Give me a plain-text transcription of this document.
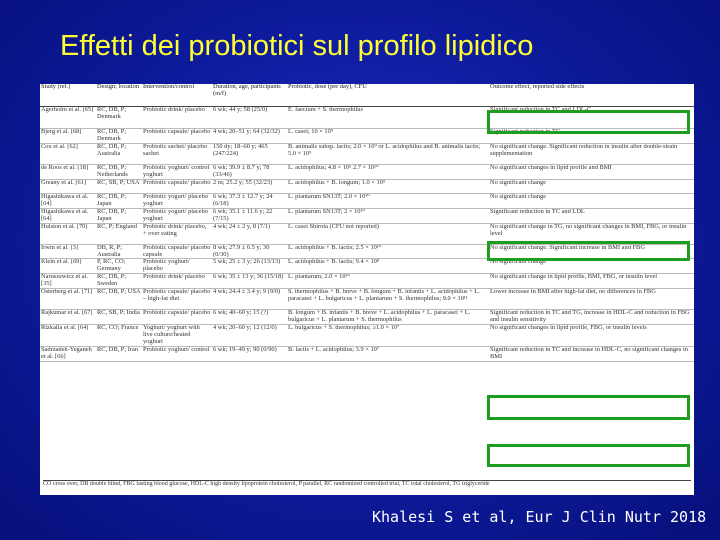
Effetti dei probiotici sul profilo lipidico
Study [ref.]	Design; location	Intervention/control	Duration, age, participants (m/f)	Probiotic, dose (per day), CFU	Outcome effect, reported side effects
Agerholm et al. [65]	RC, DB, P; Denmark	Probiotic drink/ placebo	6 wk; 44 y; 58 (25/0)	E. faecium + S. thermophilus	Significant reduction in TC and LDL-C
Bjerg et al. [68]	RC, DB, P; Denmark	Probiotic capsule/ placebo	4 wk; 20–51 y; 64 (32/32)	L. casei; 10 × 10⁹	Significant reduction in TG
Cox et al. [62]	RC, DB, P; Australia	Probiotic sachet/ placebo sachet	150 dy; 18–60 y; 465 (247/224)	B. animalis subsp. lactis; 2.0 × 10⁹ or L. acidophilus and B. animalis lactis; 5.0 × 10⁹	No significant change. Significant reduction in insulin after double-strain supplementation
de Roos et al. [18]	RC, DB, P; Netherlands	Probiotic yoghurt/ control yoghurt	6 wk; 39.9 ± 8.7 y; 78 (33/46)	L. acidophilus; 4.8 × 10⁶ 2.7 × 10¹⁰	No significant changes in lipid profile and BMI
Greany et al. [61]	RC, SB, P; USA	Probiotic capsule/ placebo	2 m; 25.2 y; 55 (32/23)	L. acidophilus + B. longum; 1.0 × 10⁹	No significant change
Higashikawa et al. [64]	RC, DB, P; Japan	Probiotic yogurt/ placebo yoghurt	6 wk; 37.3 ± 12.7 y; 24 (6/18)	L. plantarum SN13T; 2.0 × 10¹⁰	No significant change
Higashikawa et al. [64]	RC, DB, P; Japan	Probiotic yogurt/ placebo yoghurt	6 wk; 35.1 ± 11.6 y; 22 (7/15)	L. plantarum SN13T; 2 × 10¹⁰	Significant reduction in TC and LDL
Hulston et al. [70]	RC, P; England	Probiotic drink/ placebo, + over eating	4 wk; 24 ± 2 y, 8 (7/1)	L. casei Shirota (CFU not reported)	No significant change in TG, no significant changes in BMI, FBG, or insulin level
Irwin et al. [3]	DB, R, P; Australia	Probiotic capsule/ placebo capsule	8 wk; 27.9 ± 6.5 y; 30 (0/30)	L. acidophilus + B. lactis; 2.5 × 10¹⁰	No significant change. Significant increase in BMI and FBG
Klein et al. [69]	P, RC, CO; Germany	Probiotic yoghurt/ placebo	5 wk; 25 ± 3 y; 26 (13/13)	L. acidophilus + B. lactis; 9.4 × 10⁸	No significant change
Naruszewicz et al. [35]	RC, DB, P; Sweden	Probiotic drink/ placebo	6 wk; 35 ± 13 y; 36 (15/18)	L. plantarum; 2.0 × 10¹⁰	No significant change in lipid profile, BMI, FBG, or insulin level
Osterberg et al. [71]	RC, DB, P; USA	Probiotic capsule/ placebo – high-fat diet	4 wk; 24.4 ± 3.4 y; 9 (9/0)	S. thermophilus + B. breve + B. longum + B. infantis + L. acidophilus + L. paracasei + L. bulgaricus + L. plantarum + S. thermophilus; 9.0 × 10¹¹	Lower increase in BMI after high-fat diet, no differences in FBG
Rajkumar et al. [67]	RC, SB, P; India	Probiotic capsule/ placebo	6 wk; 40–60 y; 15 (?)	B. longum + B. infantis + B. breve + L. acidophilus + L. paracasei + L. bulgaricus + L. plantarum + S. thermophilus	Significant reduction in TC and TG, increase in HDL-C and reduction in FBG and insulin sensitivity
Rizkalla et al. [64]	RC, CO; France	Yoghurt/ yoghurt with live culture/heated yoghurt	4 wk; 20–60 y; 12 (12/0)	L. bulgaricus + S. thermophilus; ≥1.0 × 10⁷	No significant changes in lipid profile, FBG, or insulin levels
Sadrzadeh-Yeganeh et al. [66]	RC, DB, P; Iran	Probiotic yoghurt/ control	6 wk; 19–49 y; 90 (0/90)	B. lactis + L. acidophilus; 3.9 × 10⁷	Significant reduction in TC and increase in HDL-C, no significant changes in BMI
CO cross over, DB double blind, FBG fasting blood glucose, HDL-C high density lipoprotein cholesterol, P parallel, RC randomized controlled trial, TC total cholesterol, TG triglyceride
Khalesi S et al, Eur J Clin Nutr 2018
